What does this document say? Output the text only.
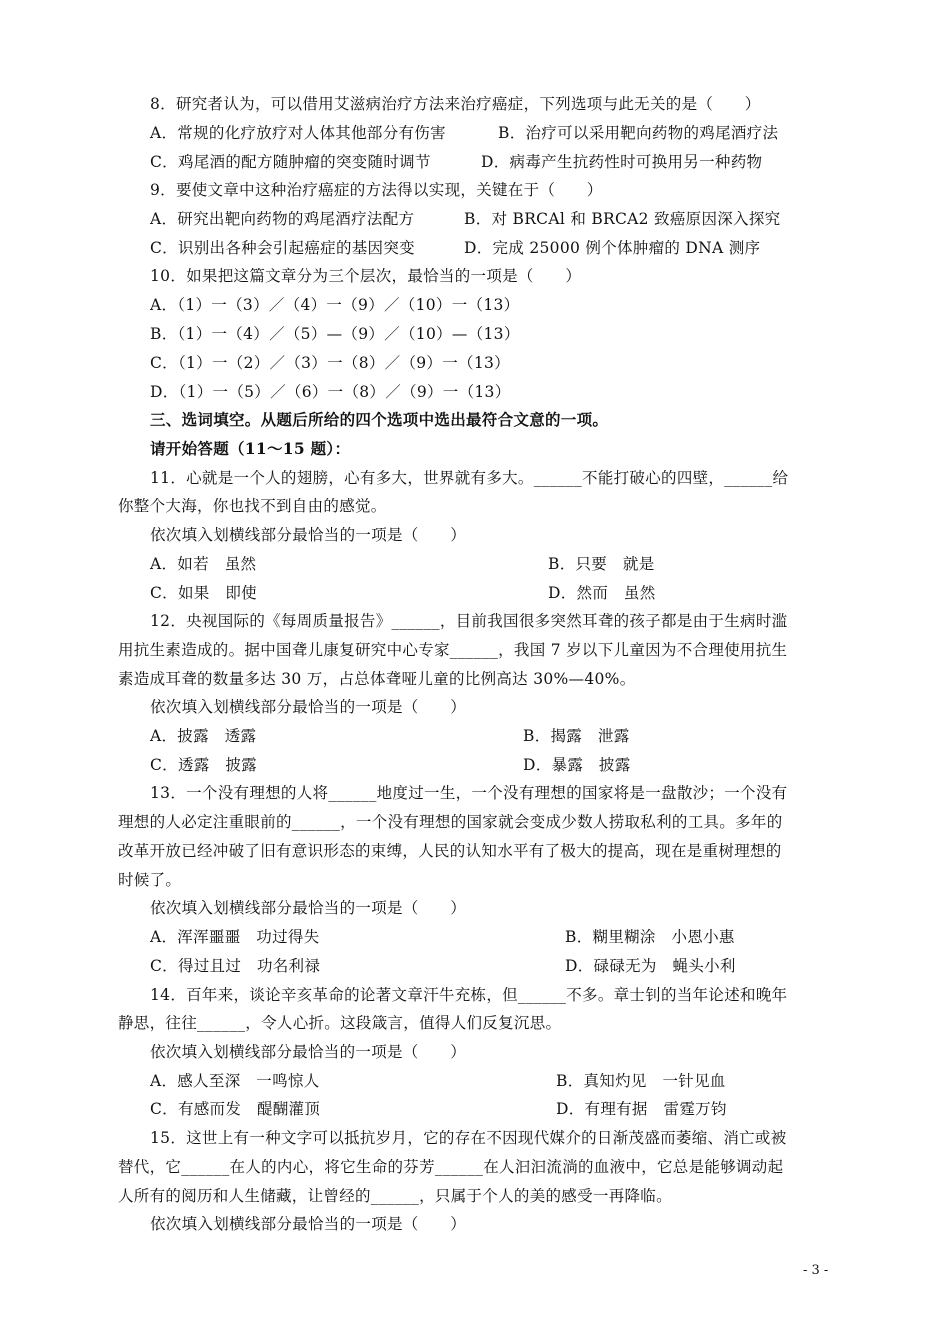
8．研究者认为，可以借用艾滋病治疗方法来治疗癌症，下列选项与此无关的是（　　）
A．常规的化疗放疗对人体其他部分有伤害	B．治疗可以采用靶向药物的鸡尾酒疗法
C．鸡尾酒的配方随肿瘤的突变随时调节	D．病毒产生抗药性时可换用另一种药物
9．要使文章中这种治疗癌症的方法得以实现，关键在于（　　）
A．研究出靶向药物的鸡尾酒疗法配方	B．对 BRCAl 和 BRCA2 致癌原因深入探究
C．识别出各种会引起癌症的基因突变	D．完成 25000 例个体肿瘤的 DNA 测序
10．如果把这篇文章分为三个层次，最恰当的一项是（　　）
A．（1）一（3）／（4）一（9）／（10）一（13）
B．（1）一（4）／（5）—（9）／（10）—（13）
C．（1）一（2）／（3）一（8）／（9）一（13）
D．（1）一（5）／（6）一（8）／（9）一（13）
三、选词填空。从题后所给的四个选项中选出最符合文意的一项。
请开始答题（11～15 题）：
11．心就是一个人的翅膀，心有多大，世界就有多大。______不能打破心的四壁，______给
你整个大海，你也找不到自由的感觉。
依次填入划横线部分最恰当的一项是（　　）
A．如若　虽然	B．只要　就是
C．如果　即使	D．然而　虽然
12．央视国际的《每周质量报告》______，目前我国很多突然耳聋的孩子都是由于生病时滥
用抗生素造成的。据中国聋儿康复研究中心专家______，我国 7 岁以下儿童因为不合理使用抗生
素造成耳聋的数量多达 30 万，占总体聋哑儿童的比例高达 30%—40%。
依次填入划横线部分最恰当的一项是（　　）
A．披露　透露	B．揭露　泄露
C．透露　披露	D．暴露　披露
13．一个没有理想的人将______地度过一生，一个没有理想的国家将是一盘散沙；一个没有
理想的人必定注重眼前的______，一个没有理想的国家就会变成少数人捞取私利的工具。多年的
改革开放已经冲破了旧有意识形态的束缚，人民的认知水平有了极大的提高，现在是重树理想的
时候了。
依次填入划横线部分最恰当的一项是（　　）
A．浑浑噩噩　功过得失	B．糊里糊涂　小恩小惠
C．得过且过　功名利禄	D．碌碌无为　蝇头小利
14．百年来，谈论辛亥革命的论著文章汗牛充栋，但______不多。章士钊的当年论述和晚年
静思，往往______，令人心折。这段箴言，值得人们反复沉思。
依次填入划横线部分最恰当的一项是（　　）
A．感人至深　一鸣惊人	B．真知灼见　一针见血
C．有感而发　醍醐灌顶	D．有理有据　雷霆万钧
15．这世上有一种文字可以抵抗岁月，它的存在不因现代媒介的日渐茂盛而萎缩、消亡或被
替代，它______在人的内心，将它生命的芬芳______在人汩汩流淌的血液中，它总是能够调动起
人所有的阅历和人生储藏，让曾经的______，只属于个人的美的感受一再降临。
依次填入划横线部分最恰当的一项是（　　）
- 3 -
